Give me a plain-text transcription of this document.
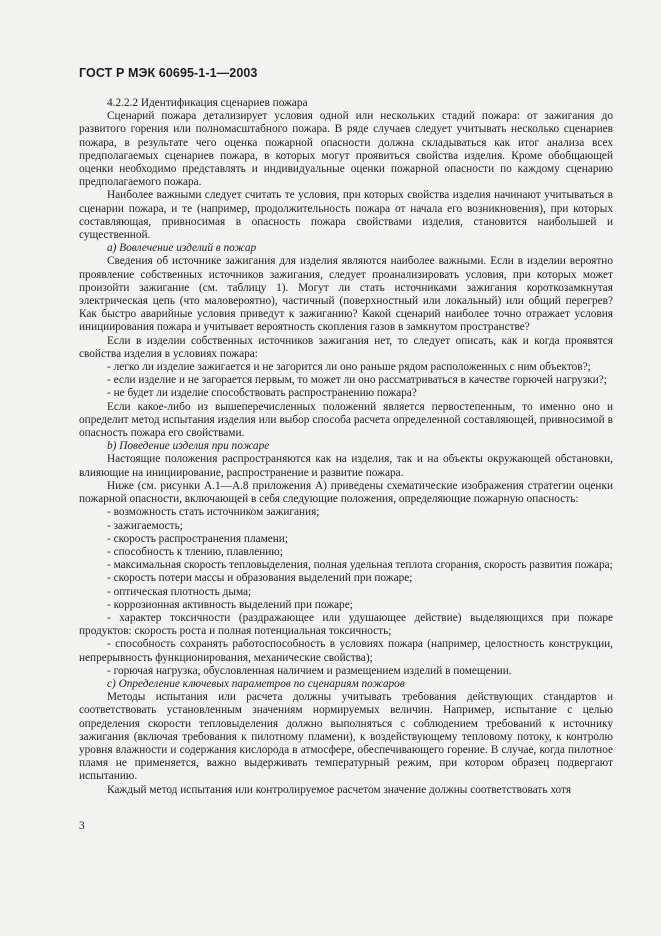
ГОСТ Р МЭК 60695-1-1—2003

4.2.2.2 Идентификация сценариев пожара

Сценарий пожара детализирует условия одной или нескольких стадий пожара: от зажигания до развитого горения или полномасштабного пожара. В ряде случаев следует учитывать несколько сценариев пожара, в результате чего оценка пожарной опасности должна складываться как итог анализа всех предполагаемых сценариев пожара, в которых могут проявиться свойства изделия. Кроме обобщающей оценки необходимо представлять и индивидуальные оценки пожарной опасности по каждому сценарию предполагаемого пожара.

Наиболее важными следует считать те условия, при которых свойства изделия начинают учитываться в сценарии пожара, и те (например, продолжительность пожара от начала его возникновения), при которых составляющая, привносимая в опасность пожара свойствами изделия, становится наибольшей и существенной.

а) Вовлечение изделий в пожар

Сведения об источнике зажигания для изделия являются наиболее важными. Если в изделии вероятно проявление собственных источников зажигания, следует проанализировать условия, при которых может произойти зажигание (см. таблицу 1). Могут ли стать источниками зажигания короткозамкнутая электрическая цепь (что маловероятно), частичный (поверхностный или локальный) или общий перегрев? Как быстро аварийные условия приведут к зажиганию? Какой сценарий наиболее точно отражает условия инициирования пожара и учитывает вероятность скопления газов в замкнутом пространстве?

Если в изделии собственных источников зажигания нет, то следует описать, как и когда проявятся свойства изделия в условиях пожара:

- легко ли изделие зажигается и не загорится ли оно раньше рядом расположенных с ним объектов?;

- если изделие и не загорается первым, то может ли оно рассматриваться в качестве горючей нагрузки?;

- не будет ли изделие способствовать распространению пожара?

Если какое-либо из вышеперечисленных положений является первостепенным, то именно оно и определит метод испытания изделия или выбор способа расчета определенной составляющей, привносимой в опасность пожара его свойствами.

b) Поведение изделия при пожаре

Настоящие положения распространяются как на изделия, так и на объекты окружающей обстановки, влияющие на инициирование, распространение и развитие пожара.

Ниже (см. рисунки А.1—А.8 приложения А) приведены схематические изображения стратегии оценки пожарной опасности, включающей в себя следующие положения, определяющие пожарную опасность:

- возможность стать источником зажигания;

- зажигаемость;

- скорость распространения пламени;

- способность к тлению, плавлению;

- максимальная скорость тепловыделения, полная удельная теплота сгорания, скорость развития пожара;

- скорость потери массы и образования выделений при пожаре;

- оптическая плотность дыма;

- коррозионная активность выделений при пожаре;

- характер токсичности (раздражающее или удушающее действие) выделяющихся при пожаре продуктов: скорость роста и полная потенциальная токсичность;

- способность сохранять работоспособность в условиях пожара (например, целостность конструкции, непрерывность функционирования, механические свойства);

- горючая нагрузка, обусловленная наличием и размещением изделий в помещении.

с) Определение ключевых параметров по сценариям пожаров

Методы испытания или расчета должны учитывать требования действующих стандартов и соответствовать установленным значениям нормируемых величин. Например, испытание с целью определения скорости тепловыделения должно выполняться с соблюдением требований к источнику зажигания (включая требования к пилотному пламени), к воздействующему тепловому потоку, к контролю уровня влажности и содержания кислорода в атмосфере, обеспечивающего горение. В случае, когда пилотное пламя не применяется, важно выдерживать температурный режим, при котором образец подвергают испытанию.

Каждый метод испытания или контролируемое расчетом значение должны соответствовать хотя

3
